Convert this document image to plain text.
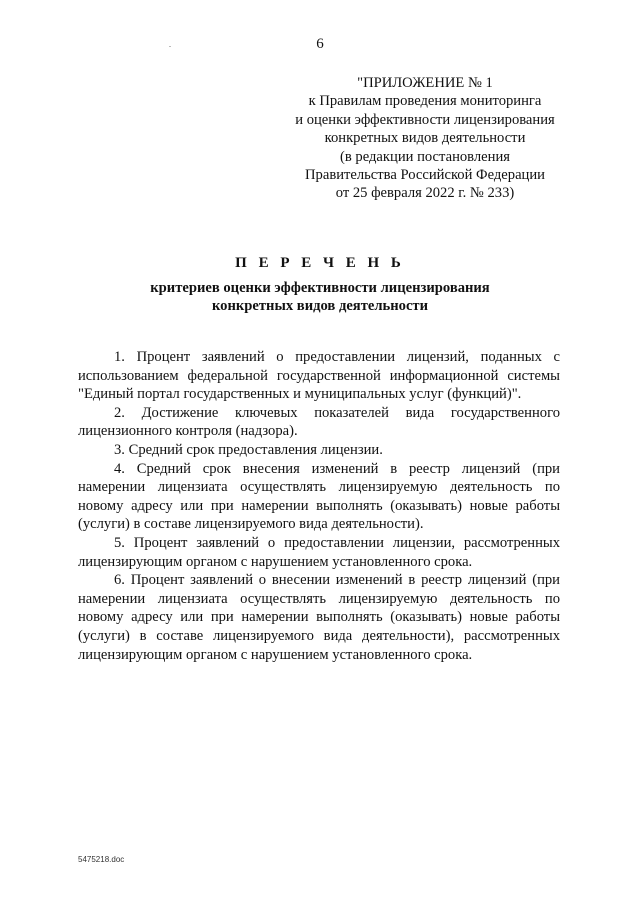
6
"ПРИЛОЖЕНИЕ № 1
к Правилам проведения мониторинга
и оценки эффективности лицензирования
конкретных видов деятельности
(в редакции постановления
Правительства Российской Федерации
от 25 февраля 2022 г. № 233)
П Е Р Е Ч Е Н Ь
критериев оценки эффективности лицензирования
конкретных видов деятельности

1. Процент заявлений о предоставлении лицензий, поданных с использованием федеральной государственной информационной системы "Единый портал государственных и муниципальных услуг (функций)".

2. Достижение ключевых показателей вида государственного лицензионного контроля (надзора).

3. Средний срок предоставления лицензии.

4. Средний срок внесения изменений в реестр лицензий (при намерении лицензиата осуществлять лицензируемую деятельность по новому адресу или при намерении выполнять (оказывать) новые работы (услуги) в составе лицензируемого вида деятельности).

5. Процент заявлений о предоставлении лицензии, рассмотренных лицензирующим органом с нарушением установленного срока.

6. Процент заявлений о внесении изменений в реестр лицензий (при намерении лицензиата осуществлять лицензируемую деятельность по новому адресу или при намерении выполнять (оказывать) новые работы (услуги) в составе лицензируемого вида деятельности), рассмотренных лицензирующим органом с нарушением установленного срока.

5475218.doc
